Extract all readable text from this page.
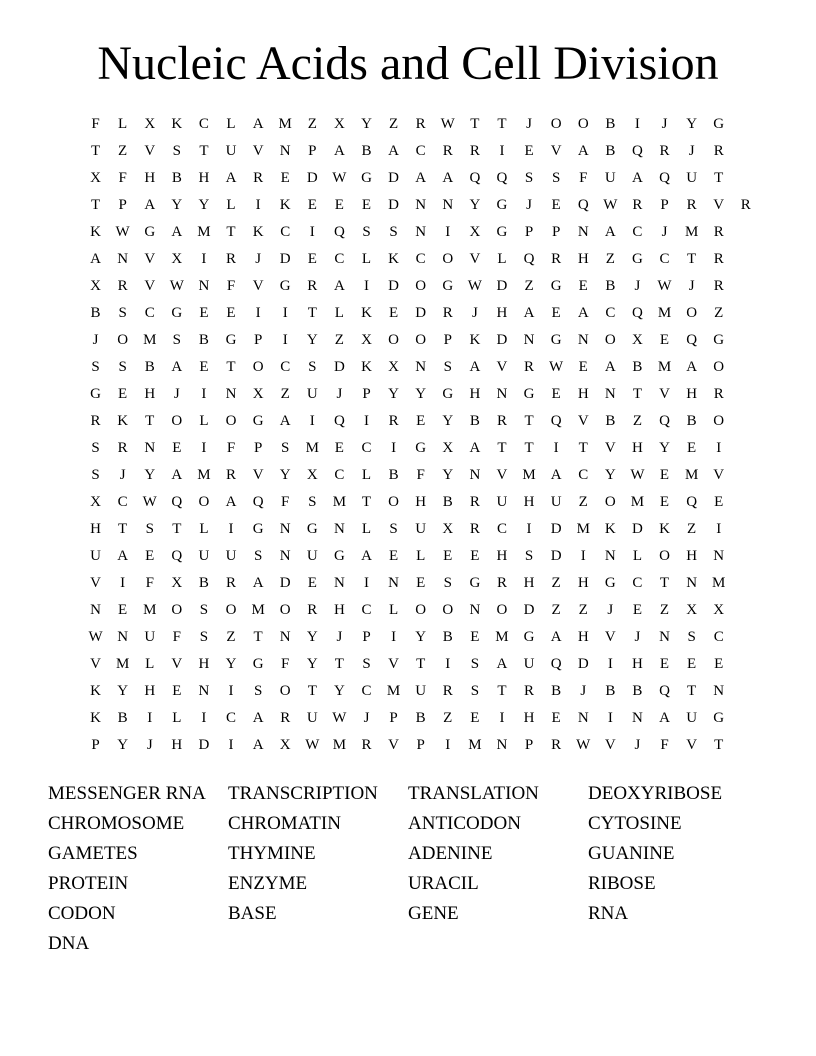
Nucleic Acids and Cell Division
F	L	X	K	C	L	A	M	Z	X	Y	Z	R	W	T	T	J	O	O	B	I	J	Y	G
T	Z	V	S	T	U	V	N	P	A	B	A	C	R	R	I	E	V	A	B	Q	R	J	R
X	F	H	B	H	A	R	E	D W G	D	A	A	Q	Q	S	S	F	U	A	Q	U	T
T	P	A	Y	Y	L	I	K	E	E	E	D	N	N	Y	G	J	E	Q W	R	P	R	V	R
K W G	A	M	T	K	C	I	Q	S	S	N	I	X	G	P	P	N	A	C	J	M	R
A	N	V	X	I	R	J	D	E	C	L	K	C	O	V	L	Q	R	H	Z	G	C	T	R
X	R	V W N	F	V	G	R	A	I	D	O	G W D	Z	G	E	B	J	W	J	R
B	S	C	G	E	E	I	I	T	L	K	E	D	R	J	H	A	E	A	C	Q	M	O	Z
J	O	M	S	B	G	P	I	Y	Z	X	O	O	P	K	D	N	G	N	O	X	E	Q	G
S	S	B	A	E	T	O	C	S	D	K	X	N	S	A	V	R	W	E	A	B	M	A	O
G	E	H	J	I	N	X	Z	U	J	P	Y	Y	G	H	N	G	E	H	N	T	V	H	R
R	K	T	O	L	O	G	A	I	Q	I	R	E	Y	B	R	T	Q	V	B	Z	Q	B	O
S	R	N	E	I	F	P	S	M	E	C	I	G	X	A	T	T	I	T	V	H	Y	E	I
S	J	Y	A	M	R	V	Y	X	C	L	B	F	Y	N	V	M	A	C	Y W	E	M	V
X	C	W Q	O	A	Q	F	S	M	T	O	H	B	R	U	H	U	Z	O	M	E	Q	E
H	T	S	T	L	I	G	N	G	N	L	S	U	X	R	C	I	D	M	K	D	K	Z	I
U	A	E	Q	U	U	S	N	U	G	A	E	L	E	E	H	S	D	I	N	L	O	H	N
V	I	F	X	B	R	A	D	E	N	I	N	E	S	G	R	H	Z	H	G	C	T	N	M
N	E	M	O	S	O	M	O	R	H	C	L	O	O	N	O	D	Z	Z	J	E	Z	X	X
W N	U	F	S	Z	T	N	Y	J	P	I	Y	B	E	M	G	A	H	V	J	N	S	C
V	M	L	V	H	Y	G	F	Y	T	S	V	T	I	S	A	U	Q	D	I	H	E	E	E
K	Y	H	E	N	I	S	O	T	Y	C	M	U	R	S	T	R	B	J	B	B	Q	T	N
K	B	I	L	I	C	A	R	U W	J	P	B	Z	E	I	H	E	N	I	N	A	U	G
P	Y	J	H	D	I	A	X W M	R	V	P	I	M	N	P	R	W V	J	F	V	T
MESSENGER RNA	TRANSCRIPTION	TRANSLATION	DEOXYRIBOSE
CHROMOSOME	CHROMATIN	ANTICODON	CYTOSINE
GAMETES	THYMINE	ADENINE	GUANINE
PROTEIN	ENZYME	URACIL	RIBOSE
CODON	BASE	GENE	RNA
DNA
